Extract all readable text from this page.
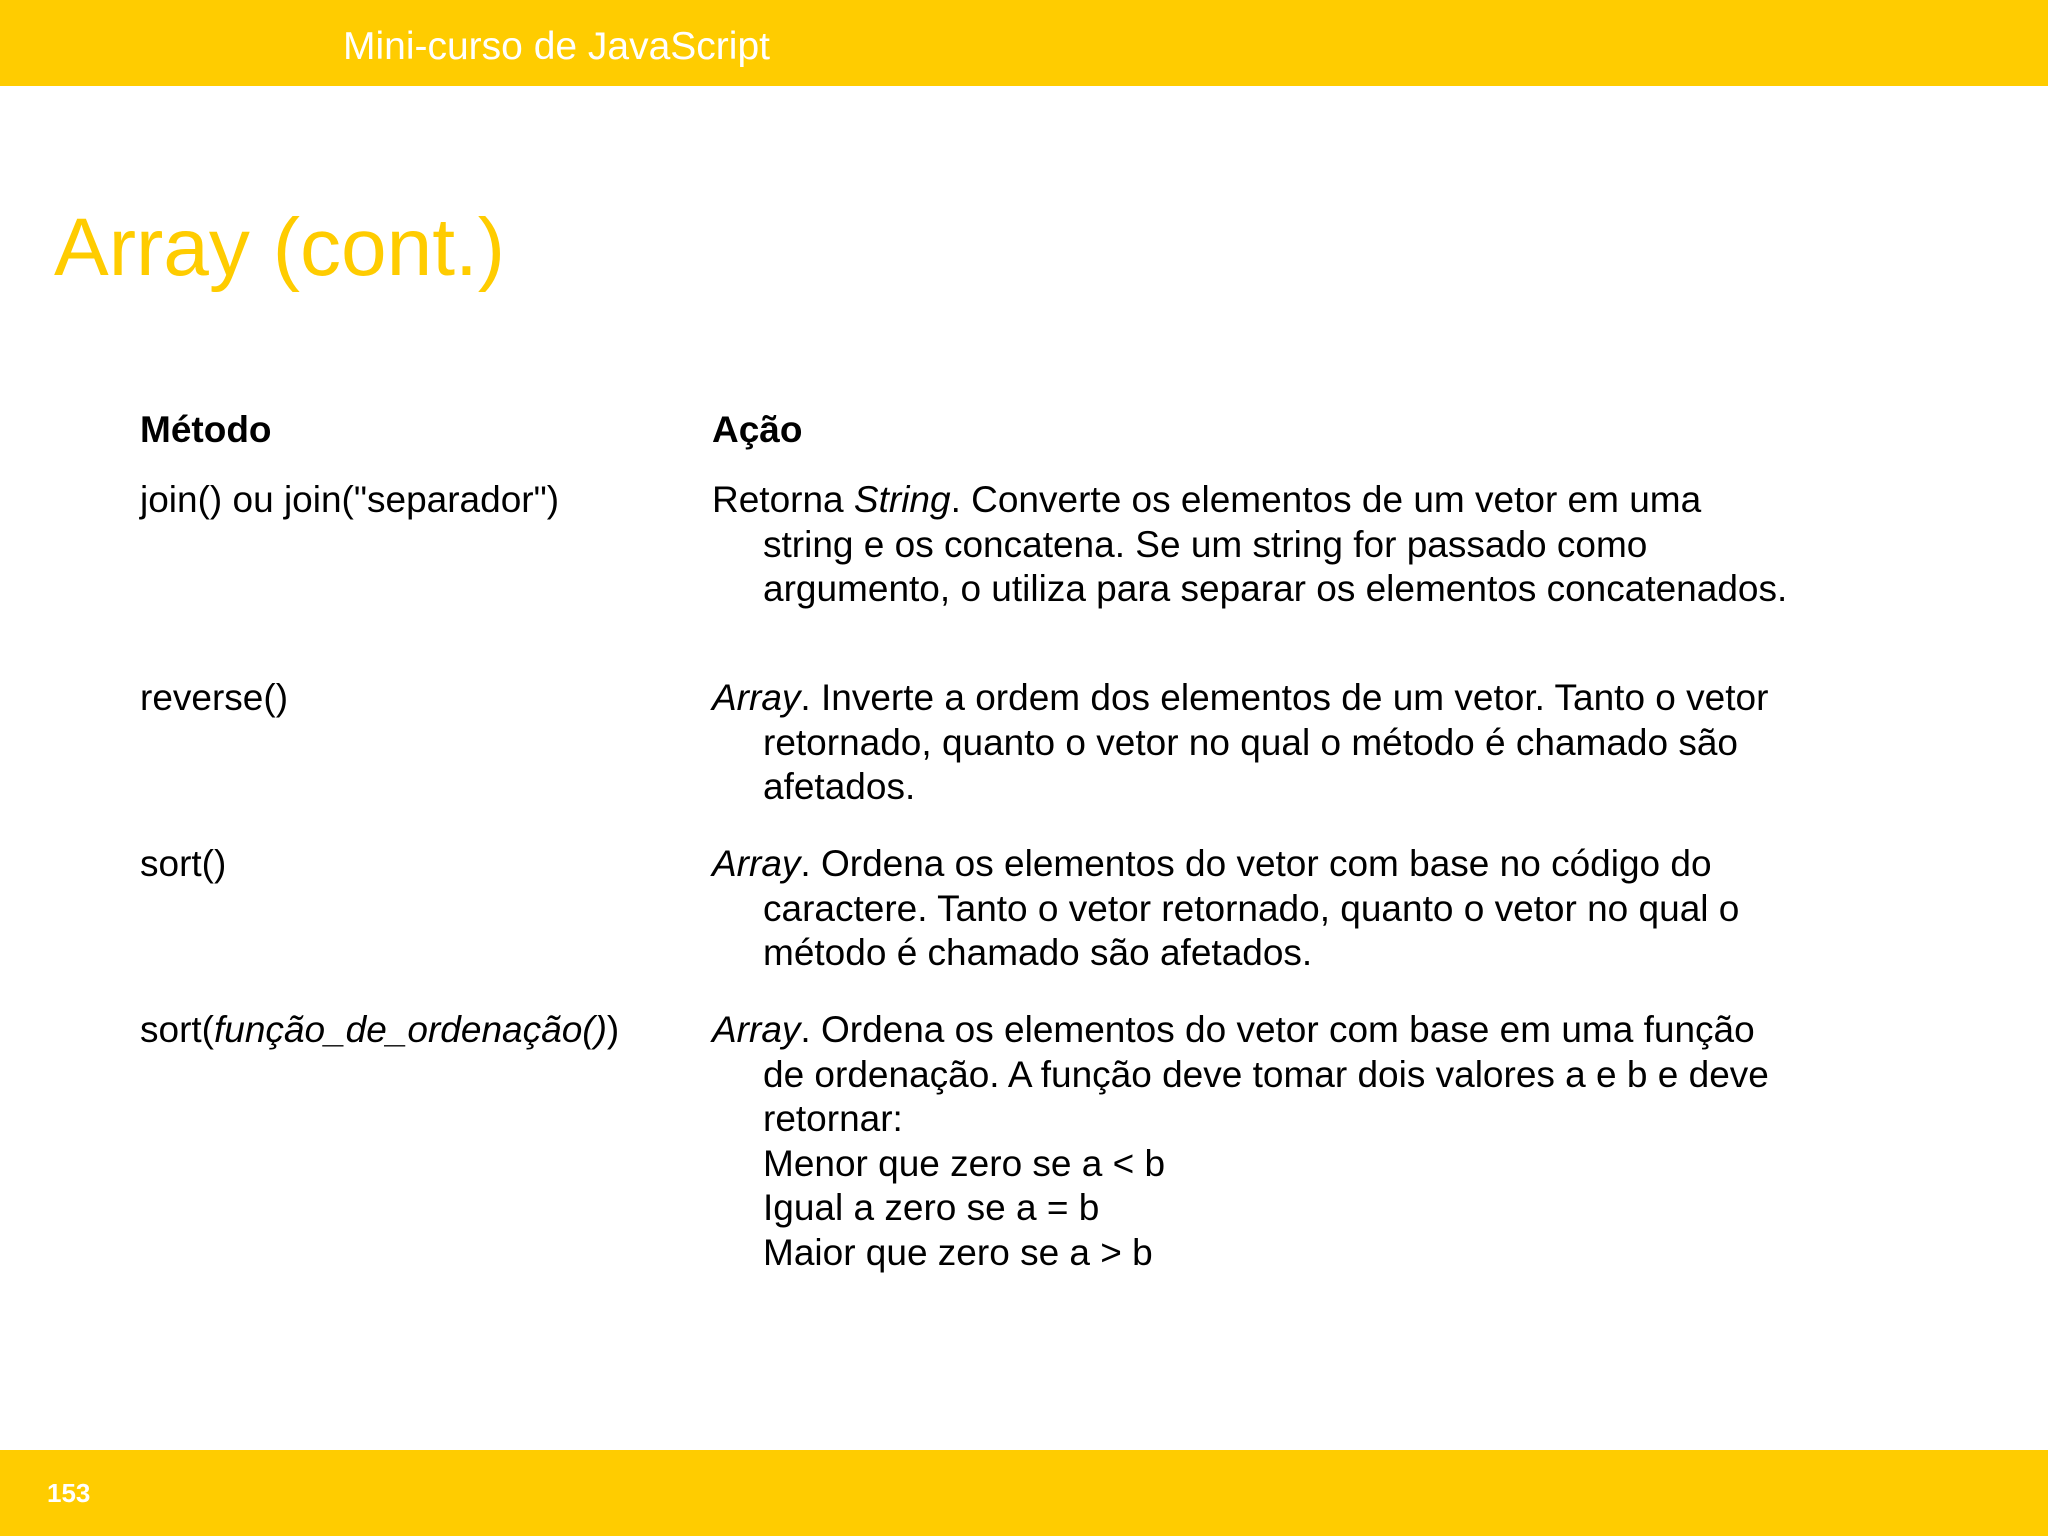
Mini-curso de JavaScript
Array (cont.)
Método	Ação
join() ou join("separador")	Retorna String. Converte os elementos de um vetor em uma
string e os concatena. Se um string for passado como
argumento, o utiliza para separar os elementos concatenados.
reverse()	Array. Inverte a ordem dos elementos de um vetor. Tanto o vetor
retornado, quanto o vetor no qual o método é chamado são
afetados.
sort()	Array. Ordena os elementos do vetor com base no código do
caractere. Tanto o vetor retornado, quanto o vetor no qual o
método é chamado são afetados.
sort(função_de_ordenação())	Array. Ordena os elementos do vetor com base em uma função
de ordenação. A função deve tomar dois valores a e b e deve
retornar:
Menor que zero se a < b
Igual a zero se a = b
Maior que zero se a > b
153
